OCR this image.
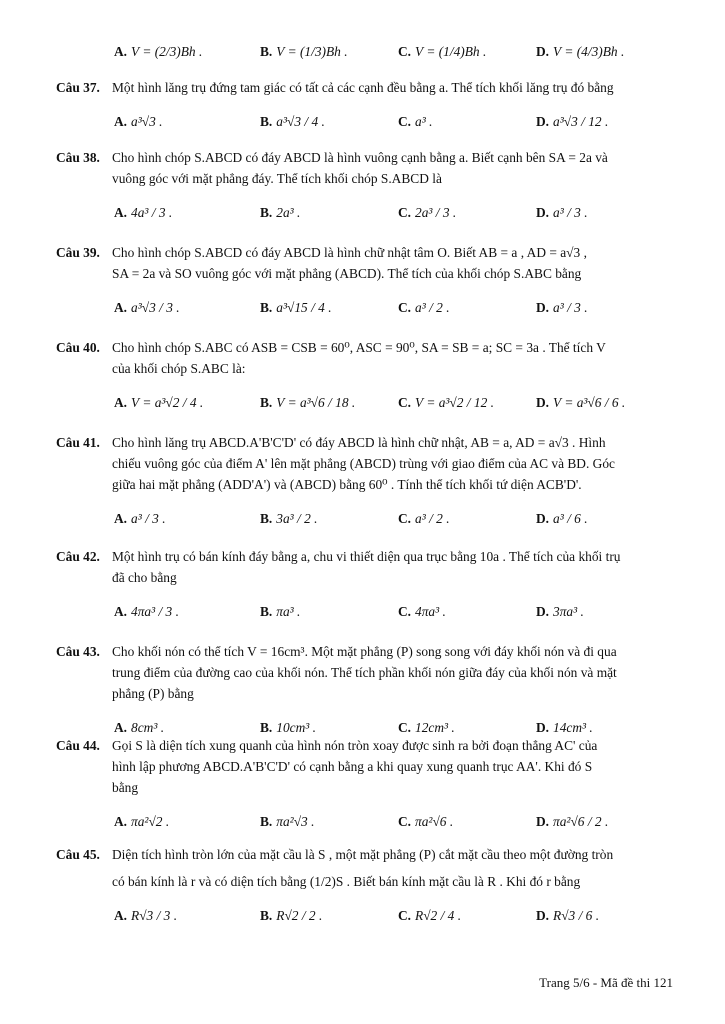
A. V = (2/3)Bh .	B. V = (1/3)Bh .	C. V = (1/4)Bh .	D. V = (4/3)Bh .
Câu 37. Một hình lăng trụ đứng tam giác có tất cả các cạnh đều bằng a. Thể tích khối lăng trụ đó bằng

A. a³√3 .	B. a³√3 / 4 .	C. a³ .	D. a³√3 / 12 .
Câu 38. Cho hình chóp S.ABCD có đáy ABCD là hình vuông cạnh bằng a. Biết cạnh bên SA = 2a và

vuông góc với mặt phẳng đáy. Thể tích khối chóp S.ABCD là

A. 4a³ / 3 .	B. 2a³ .	C. 2a³ / 3 .	D. a³ / 3 .
Câu 39. Cho hình chóp S.ABCD có đáy ABCD là hình chữ nhật tâm O. Biết AB = a , AD = a√3 ,

SA = 2a và SO vuông góc với mặt phẳng (ABCD). Thể tích của khối chóp S.ABC bằng

A. a³√3 / 3 .	B. a³√15 / 4 .	C. a³ / 2 .	D. a³ / 3 .
Câu 40. Cho hình chóp S.ABC có ASB = CSB = 60⁰, ASC = 90⁰, SA = SB = a; SC = 3a . Thể tích V

của khối chóp S.ABC là:

A. V = a³√2 / 4 .	B. V = a³√6 / 18 .	C. V = a³√2 / 12 .	D. V = a³√6 / 6 .
Câu 41. Cho hình lăng trụ ABCD.A'B'C'D' có đáy ABCD là hình chữ nhật, AB = a, AD = a√3 . Hình

chiếu vuông góc của điểm A' lên mặt phẳng (ABCD) trùng với giao điểm của AC và BD. Góc

giữa hai mặt phẳng (ADD'A') và (ABCD) bằng 60⁰ . Tính thể tích khối tứ diện ACB'D'.

A. a³ / 3 .	B. 3a³ / 2 .	C. a³ / 2 .	D. a³ / 6 .
Câu 42. Một hình trụ có bán kính đáy bằng a, chu vi thiết diện qua trục bằng 10a . Thể tích của khối trụ

đã cho bằng

A. 4πa³ / 3 .	B. πa³ .	C. 4πa³ .	D. 3πa³ .
Câu 43. Cho khối nón có thể tích V = 16cm³. Một mặt phẳng (P) song song với đáy khối nón và đi qua

trung điểm của đường cao của khối nón. Thể tích phần khối nón giữa đáy của khối nón và mặt

phẳng (P) bằng

A. 8cm³ .	B. 10cm³ .	C. 12cm³ .	D. 14cm³ .
Câu 44. Gọi S là diện tích xung quanh của hình nón tròn xoay được sinh ra bởi đoạn thẳng AC' của

hình lập phương ABCD.A'B'C'D' có cạnh bằng a khi quay xung quanh trục AA'. Khi đó S

bằng

A. πa²√2 .	B. πa²√3 .	C. πa²√6 .	D. πa²√6 / 2 .
Câu 45. Diện tích hình tròn lớn của mặt cầu là S , một mặt phẳng (P) cắt mặt cầu theo một đường tròn

có bán kính là r và có diện tích bằng (1/2)S . Biết bán kính mặt cầu là R . Khi đó r bằng

A. R√3 / 3 .	B. R√2 / 2 .	C. R√2 / 4 .	D. R√3 / 6 .
Trang 5/6 - Mã đề thi 121
